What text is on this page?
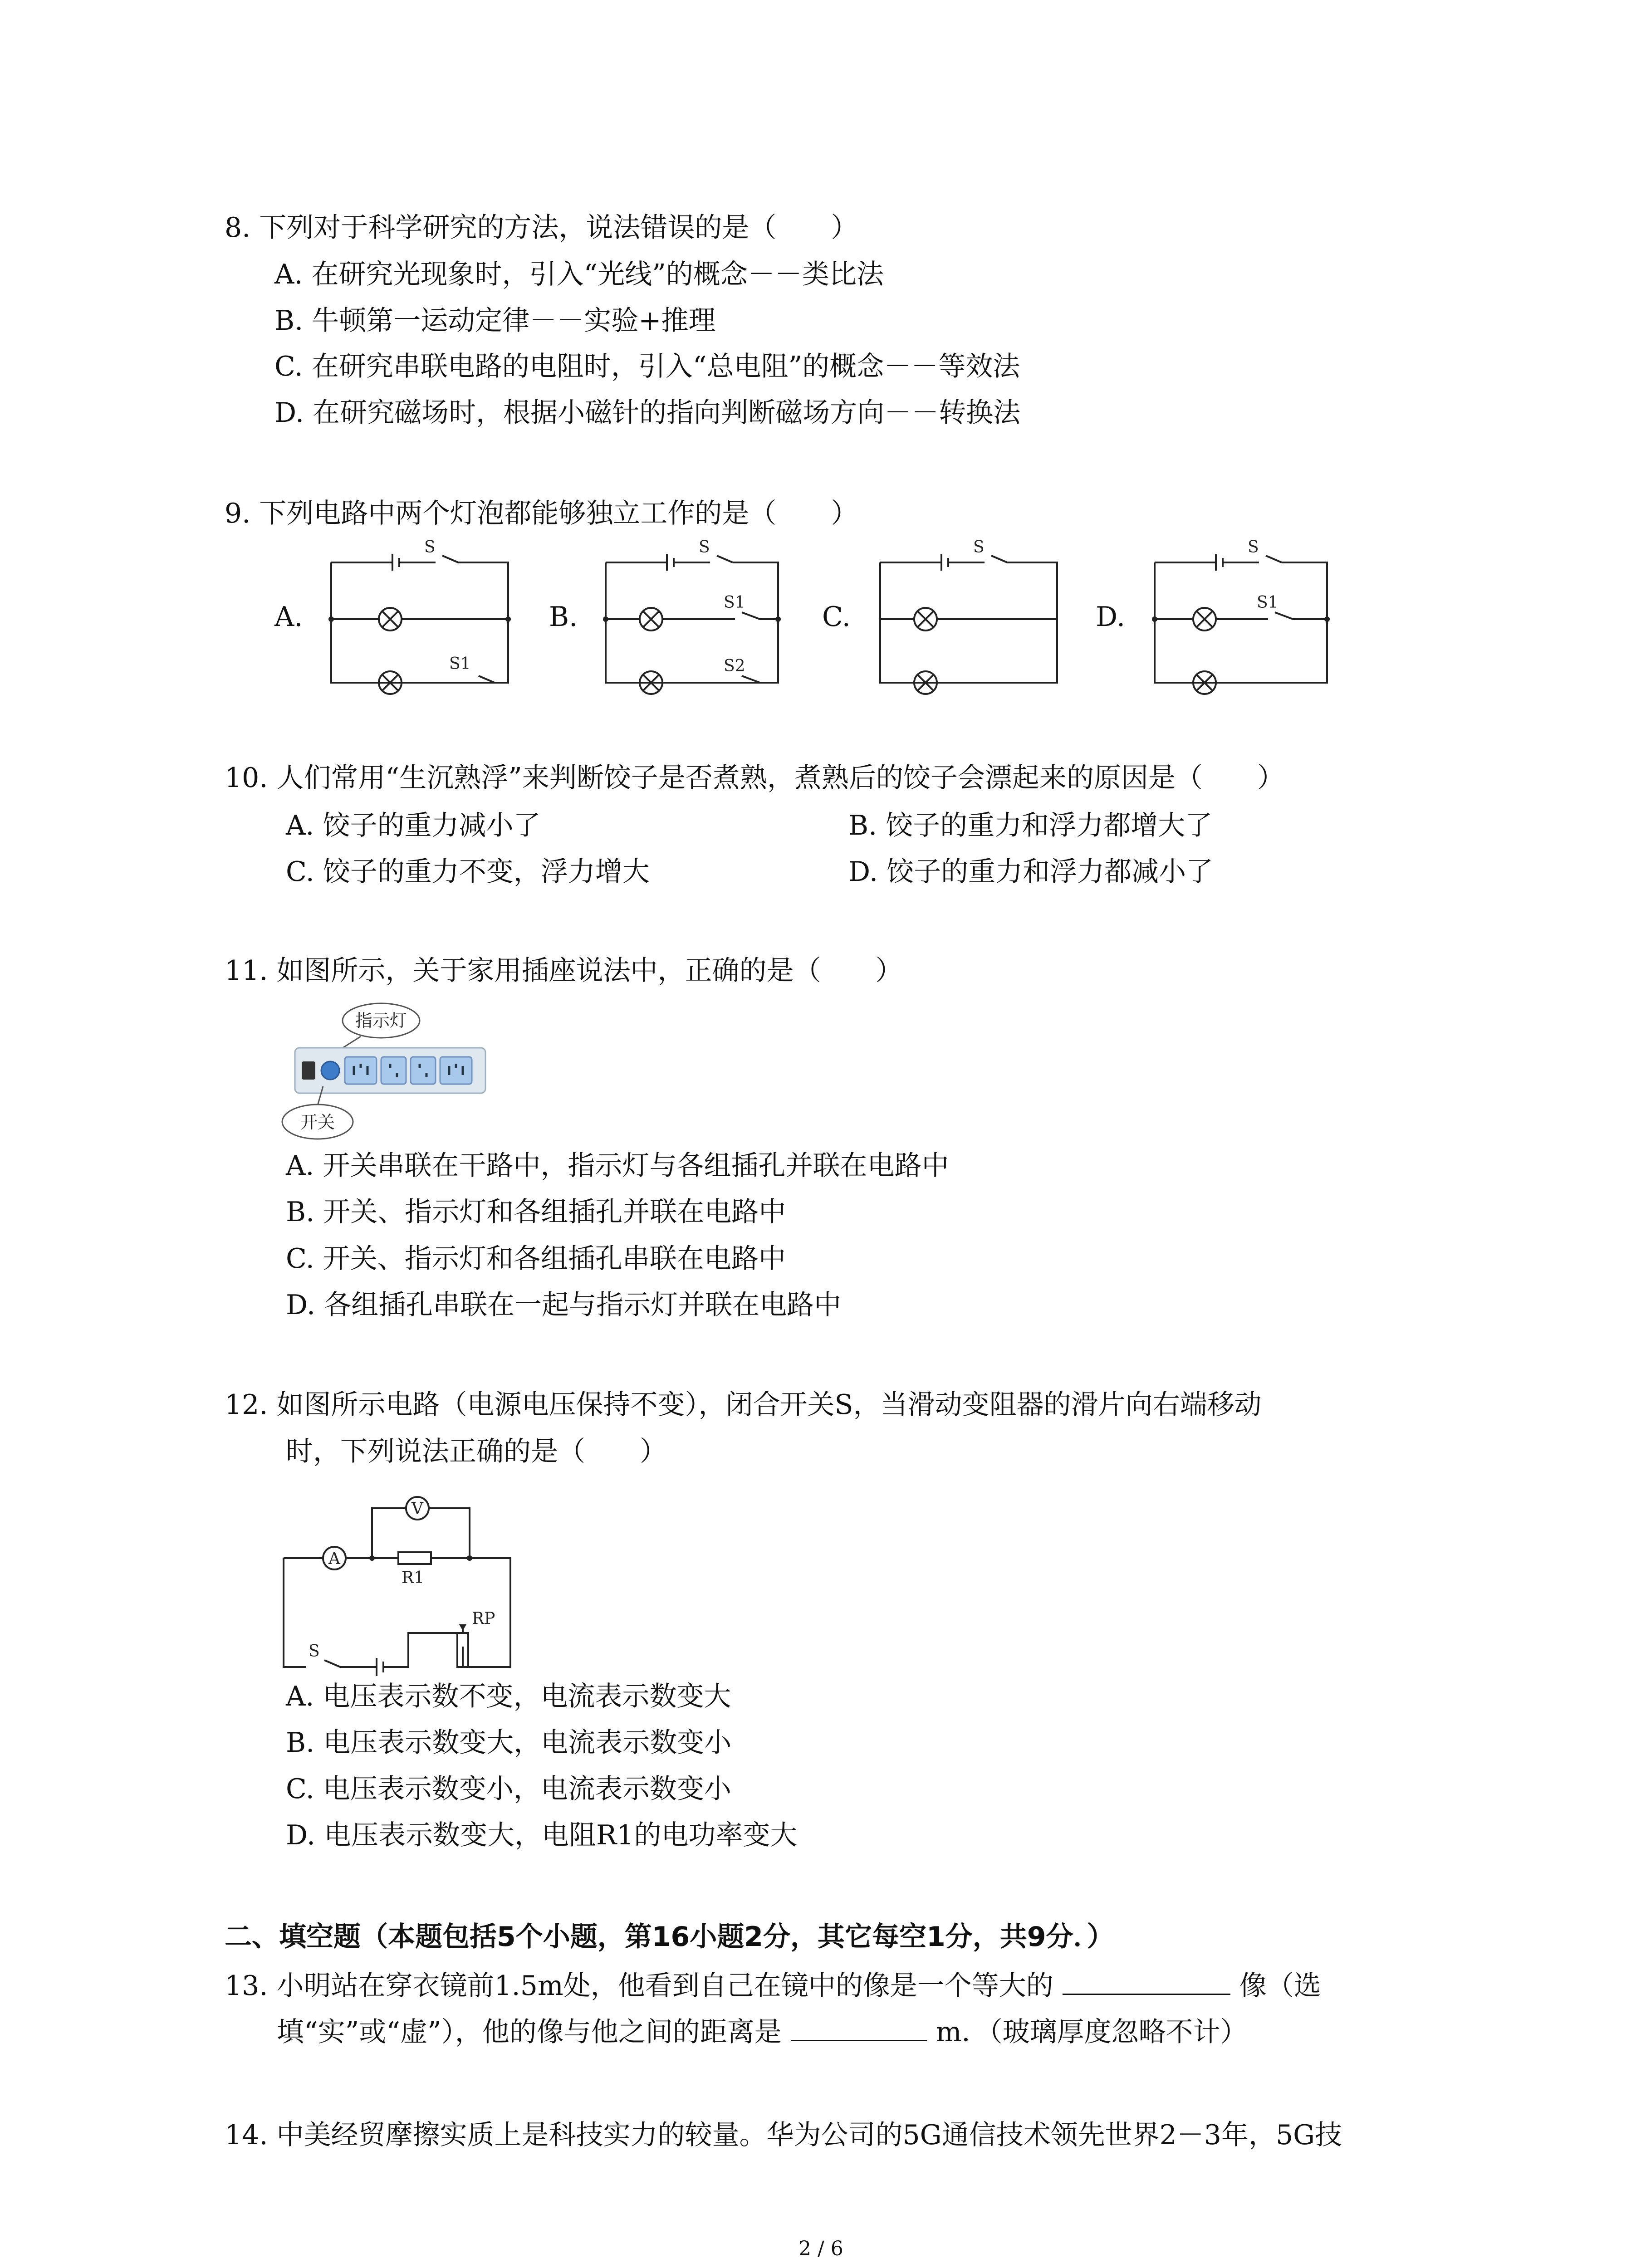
8. 下列对于科学研究的方法，说法错误的是（　　）
A. 在研究光现象时，引入“光线”的概念－－类比法
B. 牛顿第一运动定律－－实验+推理
C. 在研究串联电路的电阻时，引入“总电阻”的概念－－等效法
D. 在研究磁场时，根据小磁针的指向判断磁场方向－－转换法
9. 下列电路中两个灯泡都能够独立工作的是（　　）
A.	B.	C.	D.
S
S1
S
S1
S2
S	S
S1
10. 人们常用“生沉熟浮”来判断饺子是否煮熟，煮熟后的饺子会漂起来的原因是（　　）
A. 饺子的重力减小了	B. 饺子的重力和浮力都增大了
C. 饺子的重力不变，浮力增大	D. 饺子的重力和浮力都减小了
11. 如图所示，关于家用插座说法中，正确的是（　　）
指示灯
开关
A. 开关串联在干路中，指示灯与各组插孔并联在电路中
B. 开关、指示灯和各组插孔并联在电路中
C. 开关、指示灯和各组插孔串联在电路中
D. 各组插孔串联在一起与指示灯并联在电路中
12. 如图所示电路（电源电压保持不变），闭合开关S，当滑动变阻器的滑片向右端移动
时，下列说法正确的是（　　）
A
V
R1
RP
S
A. 电压表示数不变，电流表示数变大
B. 电压表示数变大，电流表示数变小
C. 电压表示数变小，电流表示数变小
D. 电压表示数变大，电阻R1的电功率变大
二、填空题（本题包括5个小题，第16小题2分，其它每空1分，共9分．）
13. 小明站在穿衣镜前1.5m处，他看到自己在镜中的像是一个等大的	像（选
填“实”或“虚”），他的像与他之间的距离是	m．（玻璃厚度忽略不计）
14. 中美经贸摩擦实质上是科技实力的较量。华为公司的5G通信技术领先世界2－3年，5G技
2 / 6
